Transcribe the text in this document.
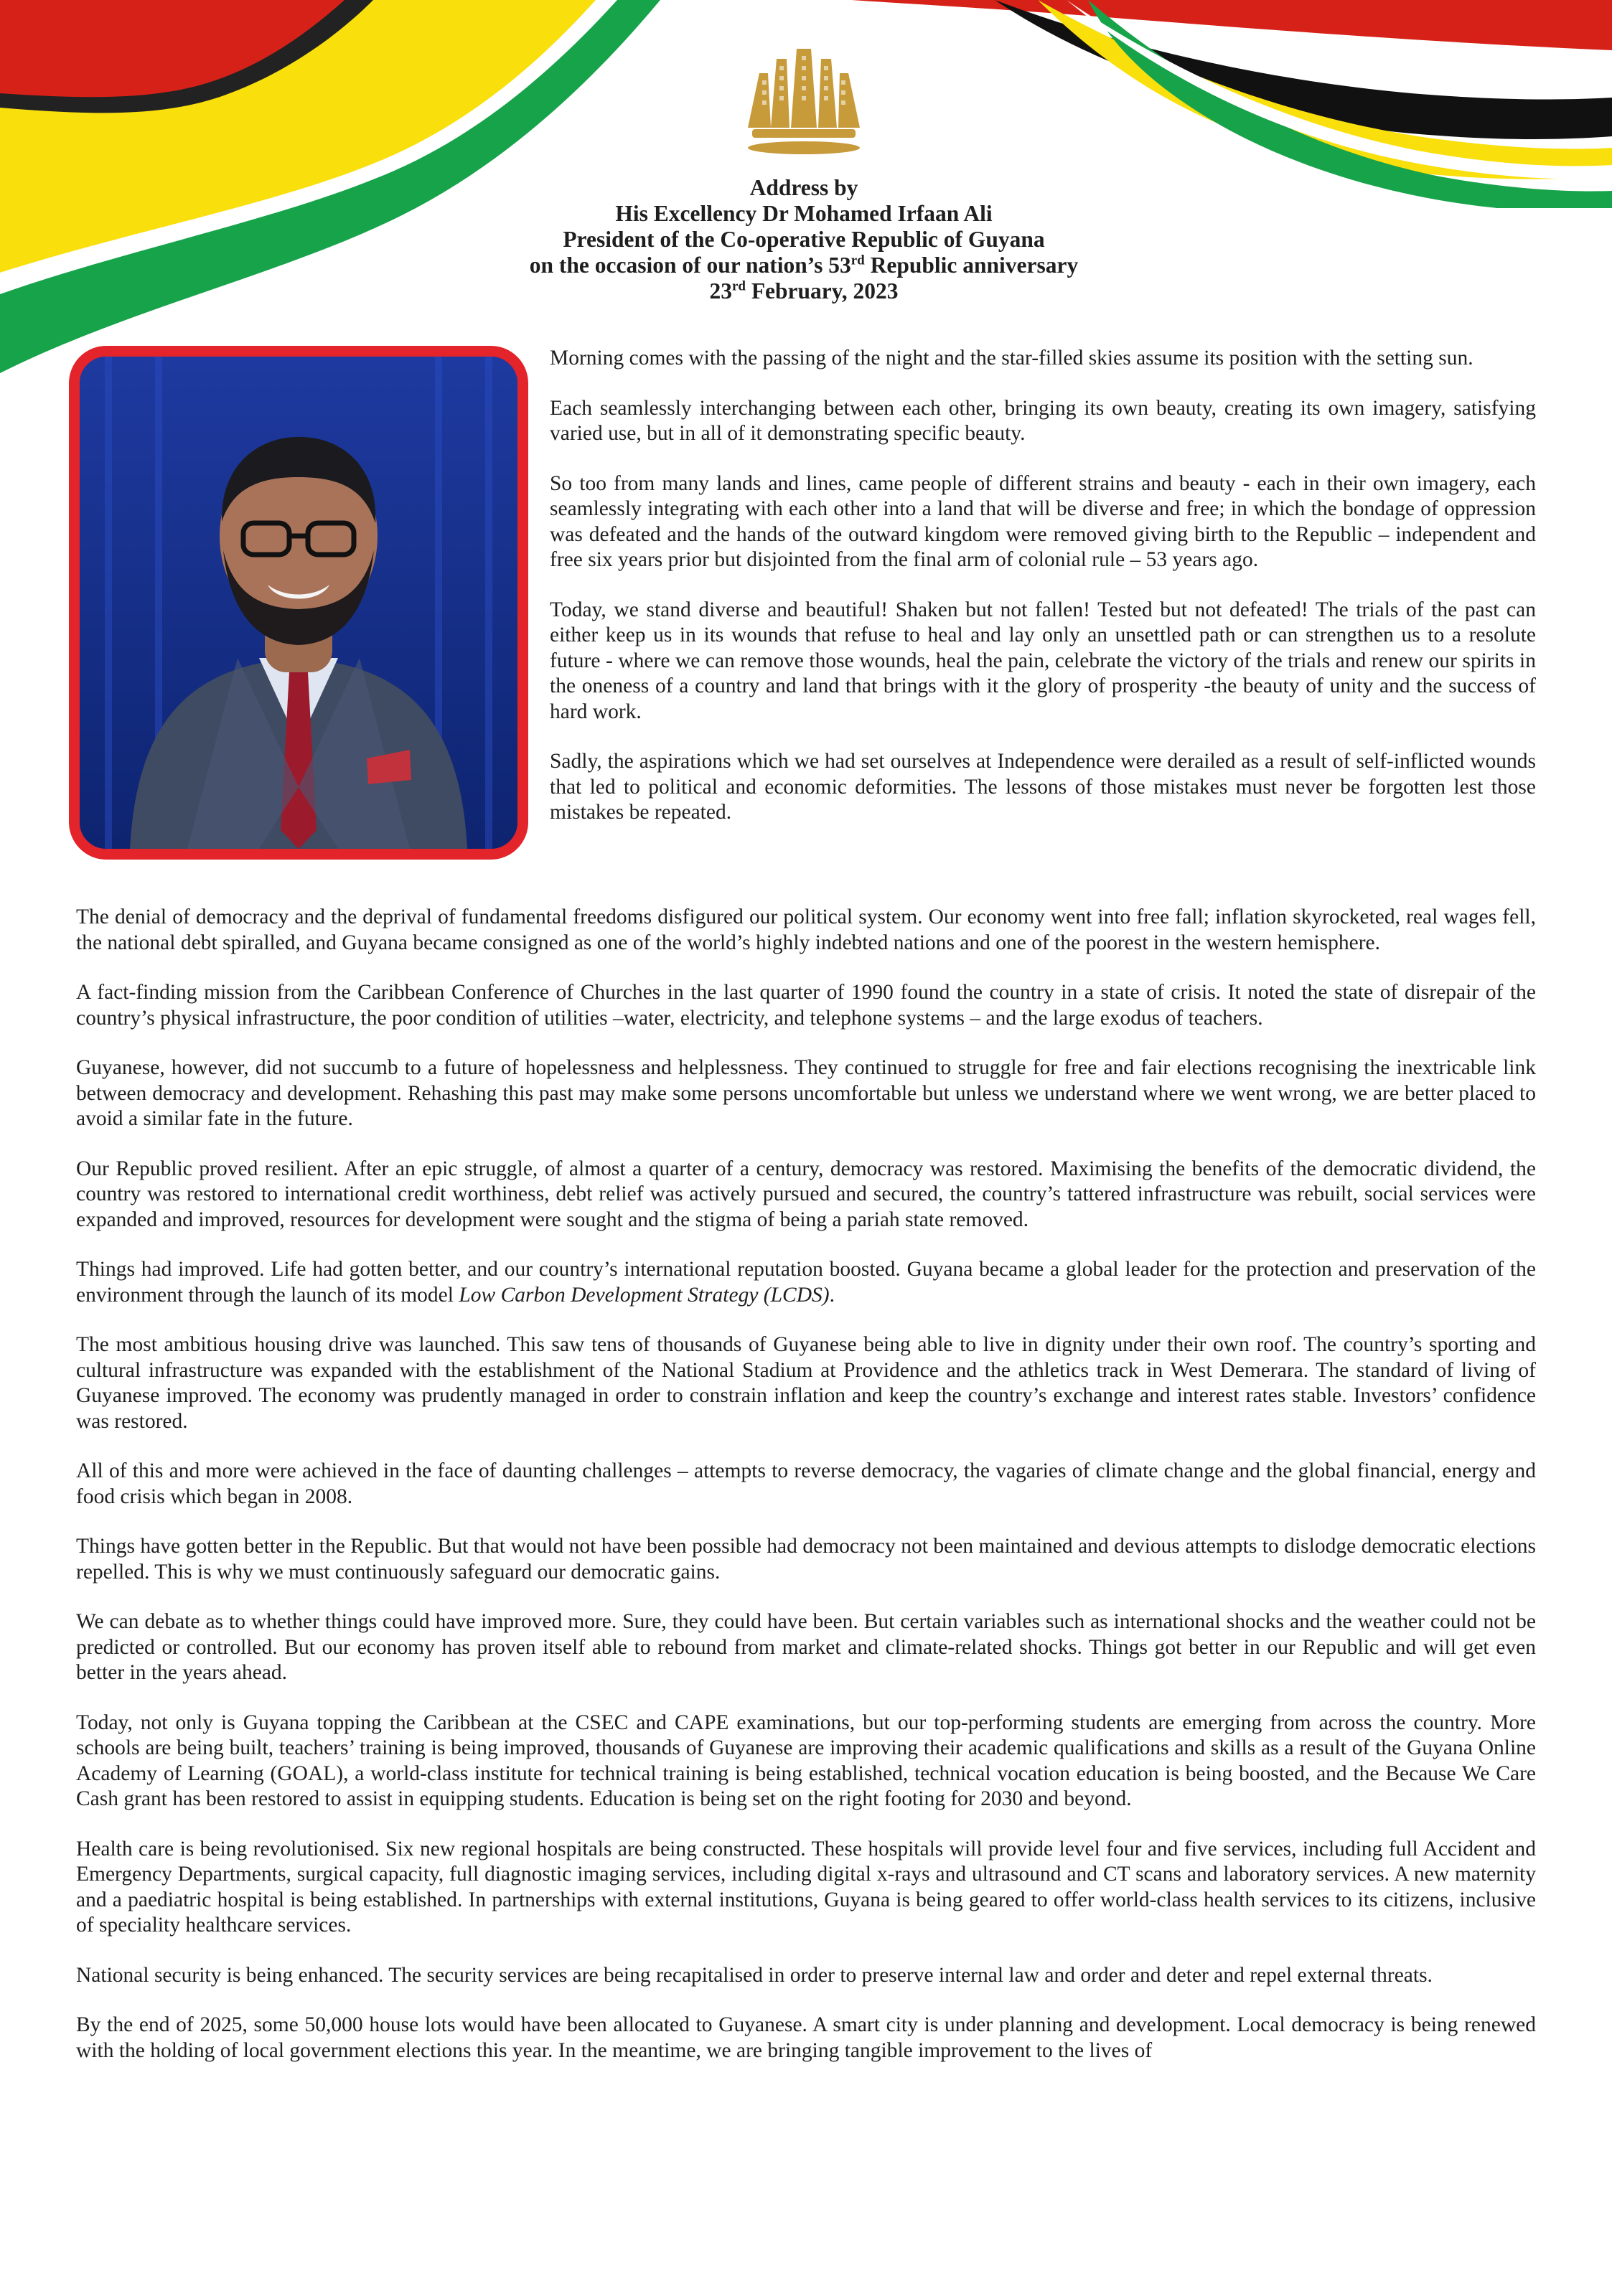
Address by
His Excellency Dr Mohamed Irfaan Ali
President of the Co-operative Republic of Guyana
on the occasion of our nation’s 53rd Republic anniversary
23rd February, 2023

Morning comes with the passing of the night and the star-filled skies assume its position with the setting sun.

Each seamlessly interchanging between each other, bringing its own beauty, creating its own imagery, satisfying varied use, but in all of it demonstrating specific beauty.

So too from many lands and lines, came people of different strains and beauty - each in their own imagery, each seamlessly integrating with each other into a land that will be diverse and free; in which the bondage of oppression was defeated and the hands of the outward kingdom were removed giving birth to the Republic – independent and free six years prior but disjointed from the final arm of colonial rule – 53 years ago.

Today, we stand diverse and beautiful! Shaken but not fallen! Tested but not defeated! The trials of the past can either keep us in its wounds that refuse to heal and lay only an unsettled path or can strengthen us to a resolute future - where we can remove those wounds, heal the pain, celebrate the victory of the trials and renew our spirits in the oneness of a country and land that brings with it the glory of prosperity -the beauty of unity and the success of hard work.

Sadly, the aspirations which we had set ourselves at Independence were derailed as a result of self-inflicted wounds that led to political and economic deformities. The lessons of those mistakes must never be forgotten lest those mistakes be repeated.

The denial of democracy and the deprival of fundamental freedoms disfigured our political system. Our economy went into free fall; inflation skyrocketed, real wages fell, the national debt spiralled, and Guyana became consigned as one of the world’s highly indebted nations and one of the poorest in the western hemisphere.

A fact-finding mission from the Caribbean Conference of Churches in the last quarter of 1990 found the country in a state of crisis. It noted the state of disrepair of the country’s physical infrastructure, the poor condition of utilities –water, electricity, and telephone systems – and the large exodus of teachers.

Guyanese, however, did not succumb to a future of hopelessness and helplessness. They continued to struggle for free and fair elections recognising the inextricable link between democracy and development. Rehashing this past may make some persons uncomfortable but unless we understand where we went wrong, we are better placed to avoid a similar fate in the future.

Our Republic proved resilient. After an epic struggle, of almost a quarter of a century, democracy was restored. Maximising the benefits of the democratic dividend, the country was restored to international credit worthiness, debt relief was actively pursued and secured, the country’s tattered infrastructure was rebuilt, social services were expanded and improved, resources for development were sought and the stigma of being a pariah state removed.

Things had improved. Life had gotten better, and our country’s international reputation boosted. Guyana became a global leader for the protection and preservation of the environment through the launch of its model Low Carbon Development Strategy (LCDS).

The most ambitious housing drive was launched. This saw tens of thousands of Guyanese being able to live in dignity under their own roof. The country’s sporting and cultural infrastructure was expanded with the establishment of the National Stadium at Providence and the athletics track in West Demerara. The standard of living of Guyanese improved. The economy was prudently managed in order to constrain inflation and keep the country’s exchange and interest rates stable. Investors’ confidence was restored.

All of this and more were achieved in the face of daunting challenges – attempts to reverse democracy, the vagaries of climate change and the global financial, energy and food crisis which began in 2008.

Things have gotten better in the Republic. But that would not have been possible had democracy not been maintained and devious attempts to dislodge democratic elections repelled. This is why we must continuously safeguard our democratic gains.

We can debate as to whether things could have improved more. Sure, they could have been. But certain variables such as international shocks and the weather could not be predicted or controlled. But our economy has proven itself able to rebound from market and climate-related shocks. Things got better in our Republic and will get even better in the years ahead.

Today, not only is Guyana topping the Caribbean at the CSEC and CAPE examinations, but our top-performing students are emerging from across the country. More schools are being built, teachers’ training is being improved, thousands of Guyanese are improving their academic qualifications and skills as a result of the Guyana Online Academy of Learning (GOAL), a world-class institute for technical training is being established, technical vocation education is being boosted, and the Because We Care Cash grant has been restored to assist in equipping students. Education is being set on the right footing for 2030 and beyond.

Health care is being revolutionised. Six new regional hospitals are being constructed. These hospitals will provide level four and five services, including full Accident and Emergency Departments, surgical capacity, full diagnostic imaging services, including digital x-rays and ultrasound and CT scans and laboratory services. A new maternity and a paediatric hospital is being established. In partnerships with external institutions, Guyana is being geared to offer world-class health services to its citizens, inclusive of speciality healthcare services.

National security is being enhanced. The security services are being recapitalised in order to preserve internal law and order and deter and repel external threats.

By the end of 2025, some 50,000 house lots would have been allocated to Guyanese. A smart city is under planning and development. Local democracy is being renewed with the holding of local government elections this year. In the meantime, we are bringing tangible improvement to the lives of
